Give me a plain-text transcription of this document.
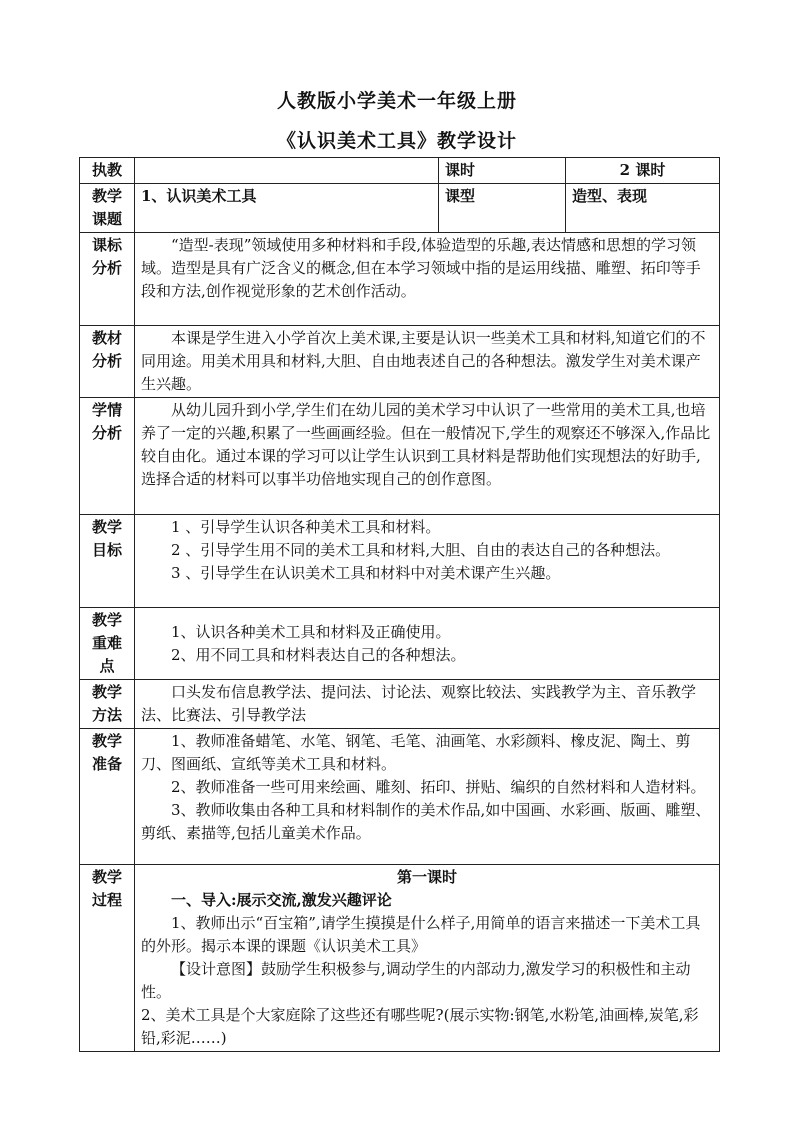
人教版小学美术一年级上册
《认识美术工具》教学设计
执教		课时	2 课时
教学课题	1、认识美术工具	课型	造型、表现
课标分析	“造型-表现”领域使用多种材料和手段,体验造型的乐趣,表达情感和思想的学习领域。造型是具有广泛含义的概念,但在本学习领域中指的是运用线描、雕塑、拓印等手段和方法,创作视觉形象的艺术创作活动。		

教材分析	本课是学生进入小学首次上美术课,主要是认识一些美术工具和材料,知道它们的不同用途。用美术用具和材料,大胆、自由地表述自己的各种想法。激发学生对美术课产生兴趣。		

学情分析	从幼儿园升到小学,学生们在幼儿园的美术学习中认识了一些常用的美术工具,也培养了一定的兴趣,积累了一些画画经验。但在一般情况下,学生的观察还不够深入,作品比较自由化。通过本课的学习可以让学生认识到工具材料是帮助他们实现想法的好助手,选择合适的材料可以事半功倍地实现自己的创作意图。		

教学目标	1 、引导学生认识各种美术工具和材料。

2 、引导学生用不同的美术工具和材料,大胆、自由的表达自己的各种想法。

3 、引导学生在认识美术工具和材料中对美术课产生兴趣。		

教学重难点	1、认识各种美术工具和材料及正确使用。

2、用不同工具和材料表达自己的各种想法。		

教学方法	口头发布信息教学法、提问法、讨论法、观察比较法、实践教学为主、音乐教学法、比赛法、引导教学法		

教学准备	1、教师准备蜡笔、水笔、钢笔、毛笔、油画笔、水彩颜料、橡皮泥、陶土、剪刀、图画纸、宣纸等美术工具和材料。

2、教师准备一些可用来绘画、雕刻、拓印、拼贴、编织的自然材料和人造材料。

3、教师收集由各种工具和材料制作的美术作品,如中国画、水彩画、版画、雕塑、剪纸、素描等,包括儿童美术作品。		

教学过程	第一课时

一、导入:展示交流,激发兴趣评论

1、教师出示“百宝箱”,请学生摸摸是什么样子,用简单的语言来描述一下美术工具的外形。揭示本课的课题《认识美术工具》

【设计意图】鼓励学生积极参与,调动学生的内部动力,激发学习的积极性和主动性。

2、美术工具是个大家庭除了这些还有哪些呢?(展示实物:钢笔,水粉笔,油画棒,炭笔,彩铅,彩泥……)		
